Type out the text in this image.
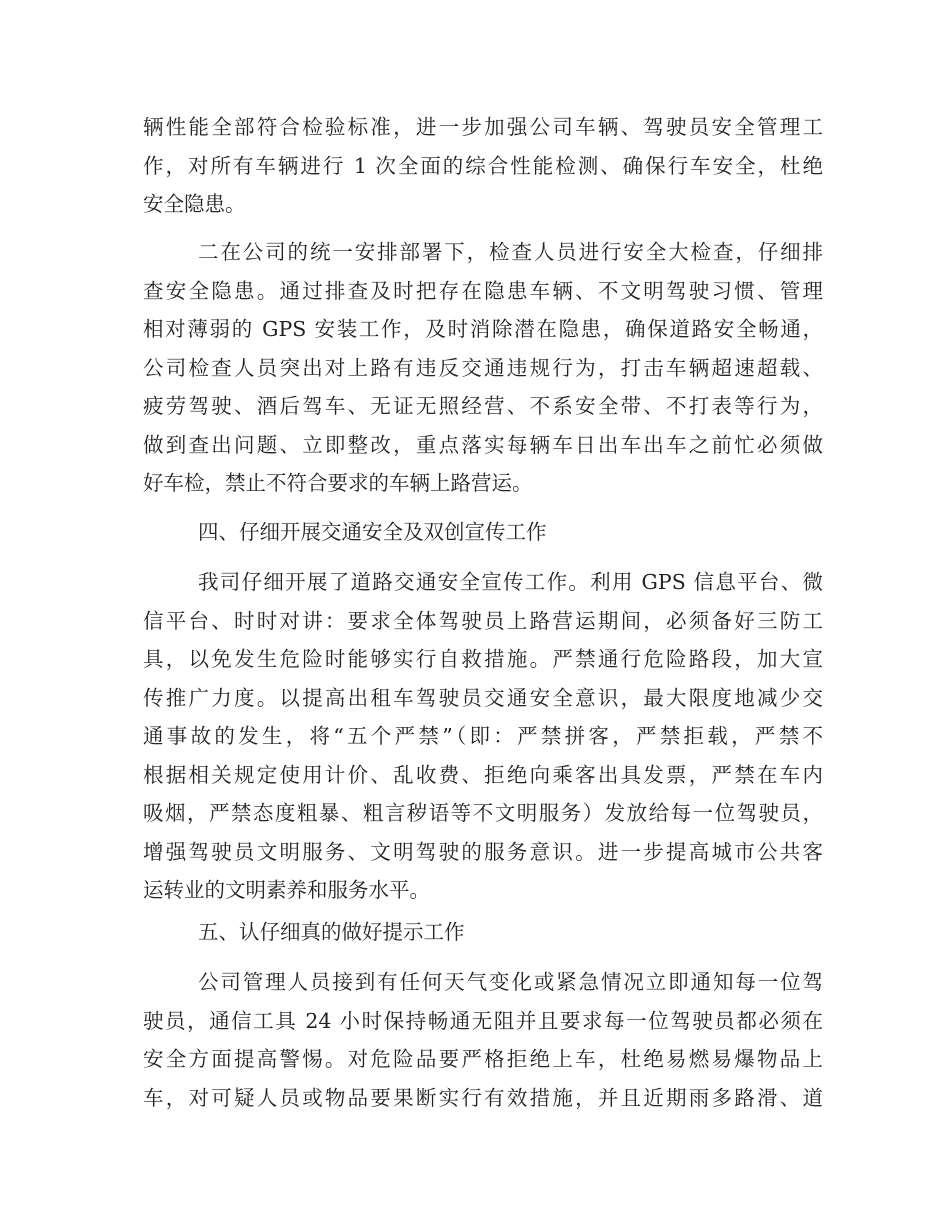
辆性能全部符合检验标准，进一步加强公司车辆、驾驶员安全管理工
作，对所有车辆进行 1 次全面的综合性能检测、确保行车安全，杜绝
安全隐患。
二在公司的统一安排部署下，检查人员进行安全大检查，仔细排
查安全隐患。通过排查及时把存在隐患车辆、不文明驾驶习惯、管理
相对薄弱的 GPS 安装工作，及时消除潜在隐患，确保道路安全畅通，
公司检查人员突出对上路有违反交通违规行为，打击车辆超速超载、
疲劳驾驶、酒后驾车、无证无照经营、不系安全带、不打表等行为，
做到查出问题、立即整改，重点落实每辆车日出车出车之前忙必须做
好车检，禁止不符合要求的车辆上路营运。
四、仔细开展交通安全及双创宣传工作
我司仔细开展了道路交通安全宣传工作。利用 GPS 信息平台、微
信平台、时时对讲：要求全体驾驶员上路营运期间，必须备好三防工
具，以免发生危险时能够实行自救措施。严禁通行危险路段，加大宣
传推广力度。以提高出租车驾驶员交通安全意识，最大限度地减少交
通事故的发生，将“五个严禁”（即：严禁拼客，严禁拒载，严禁不
根据相关规定使用计价、乱收费、拒绝向乘客出具发票，严禁在车内
吸烟，严禁态度粗暴、粗言秽语等不文明服务）发放给每一位驾驶员，
增强驾驶员文明服务、文明驾驶的服务意识。进一步提高城市公共客
运转业的文明素养和服务水平。
五、认仔细真的做好提示工作
公司管理人员接到有任何天气变化或紧急情况立即通知每一位驾
驶员，通信工具 24 小时保持畅通无阻并且要求每一位驾驶员都必须在
安全方面提高警惕。对危险品要严格拒绝上车，杜绝易燃易爆物品上
车，对可疑人员或物品要果断实行有效措施，并且近期雨多路滑、道
